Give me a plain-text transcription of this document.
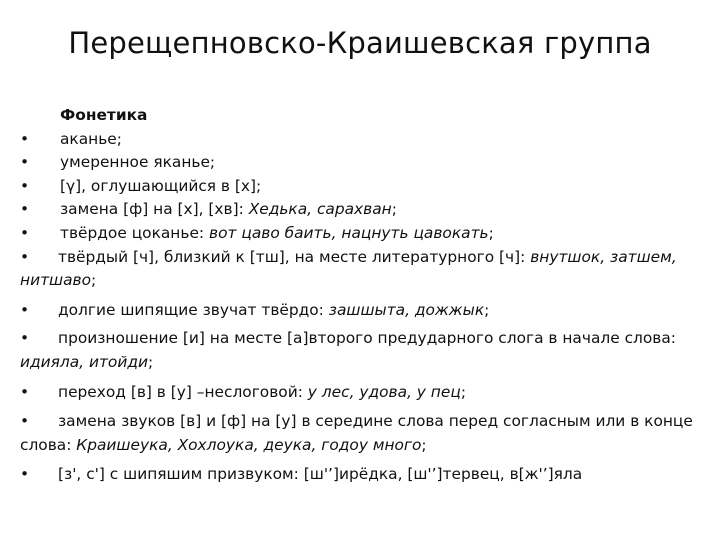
Перещепновско-Краишевская группа
Фонетика
•	аканье;
•	умеренное яканье;
•	[γ], оглушающийся в [х];
•	замена [ф] на [х], [хв]: Хедька, сарахван;
•	твёрдое цоканье: вот цаво баить, нацнуть цавокать;
•	твёрдый [ч], близкий к [тш], на месте литературного [ч]: внутшок, затшем, нитшаво;
•	долгие шипящие звучат твёрдо: зашшыта, дожжык;
•	произношение [и] на месте [а]второго предударного слога в начале слова: идияла, итойди;
•	переход [в] в [у] –неслоговой: у лес, удова, у пец;
•	замена звуков [в] и [ф] на [у] в середине слова перед согласным или в конце слова: Краишеукa, Хохлоука, деука, годоу много;
•	[з', с'] с шипяшим призвуком: [ш'ʼ]ирёдка, [ш'ʼ]тервец, в[ж'ʼ]яла
